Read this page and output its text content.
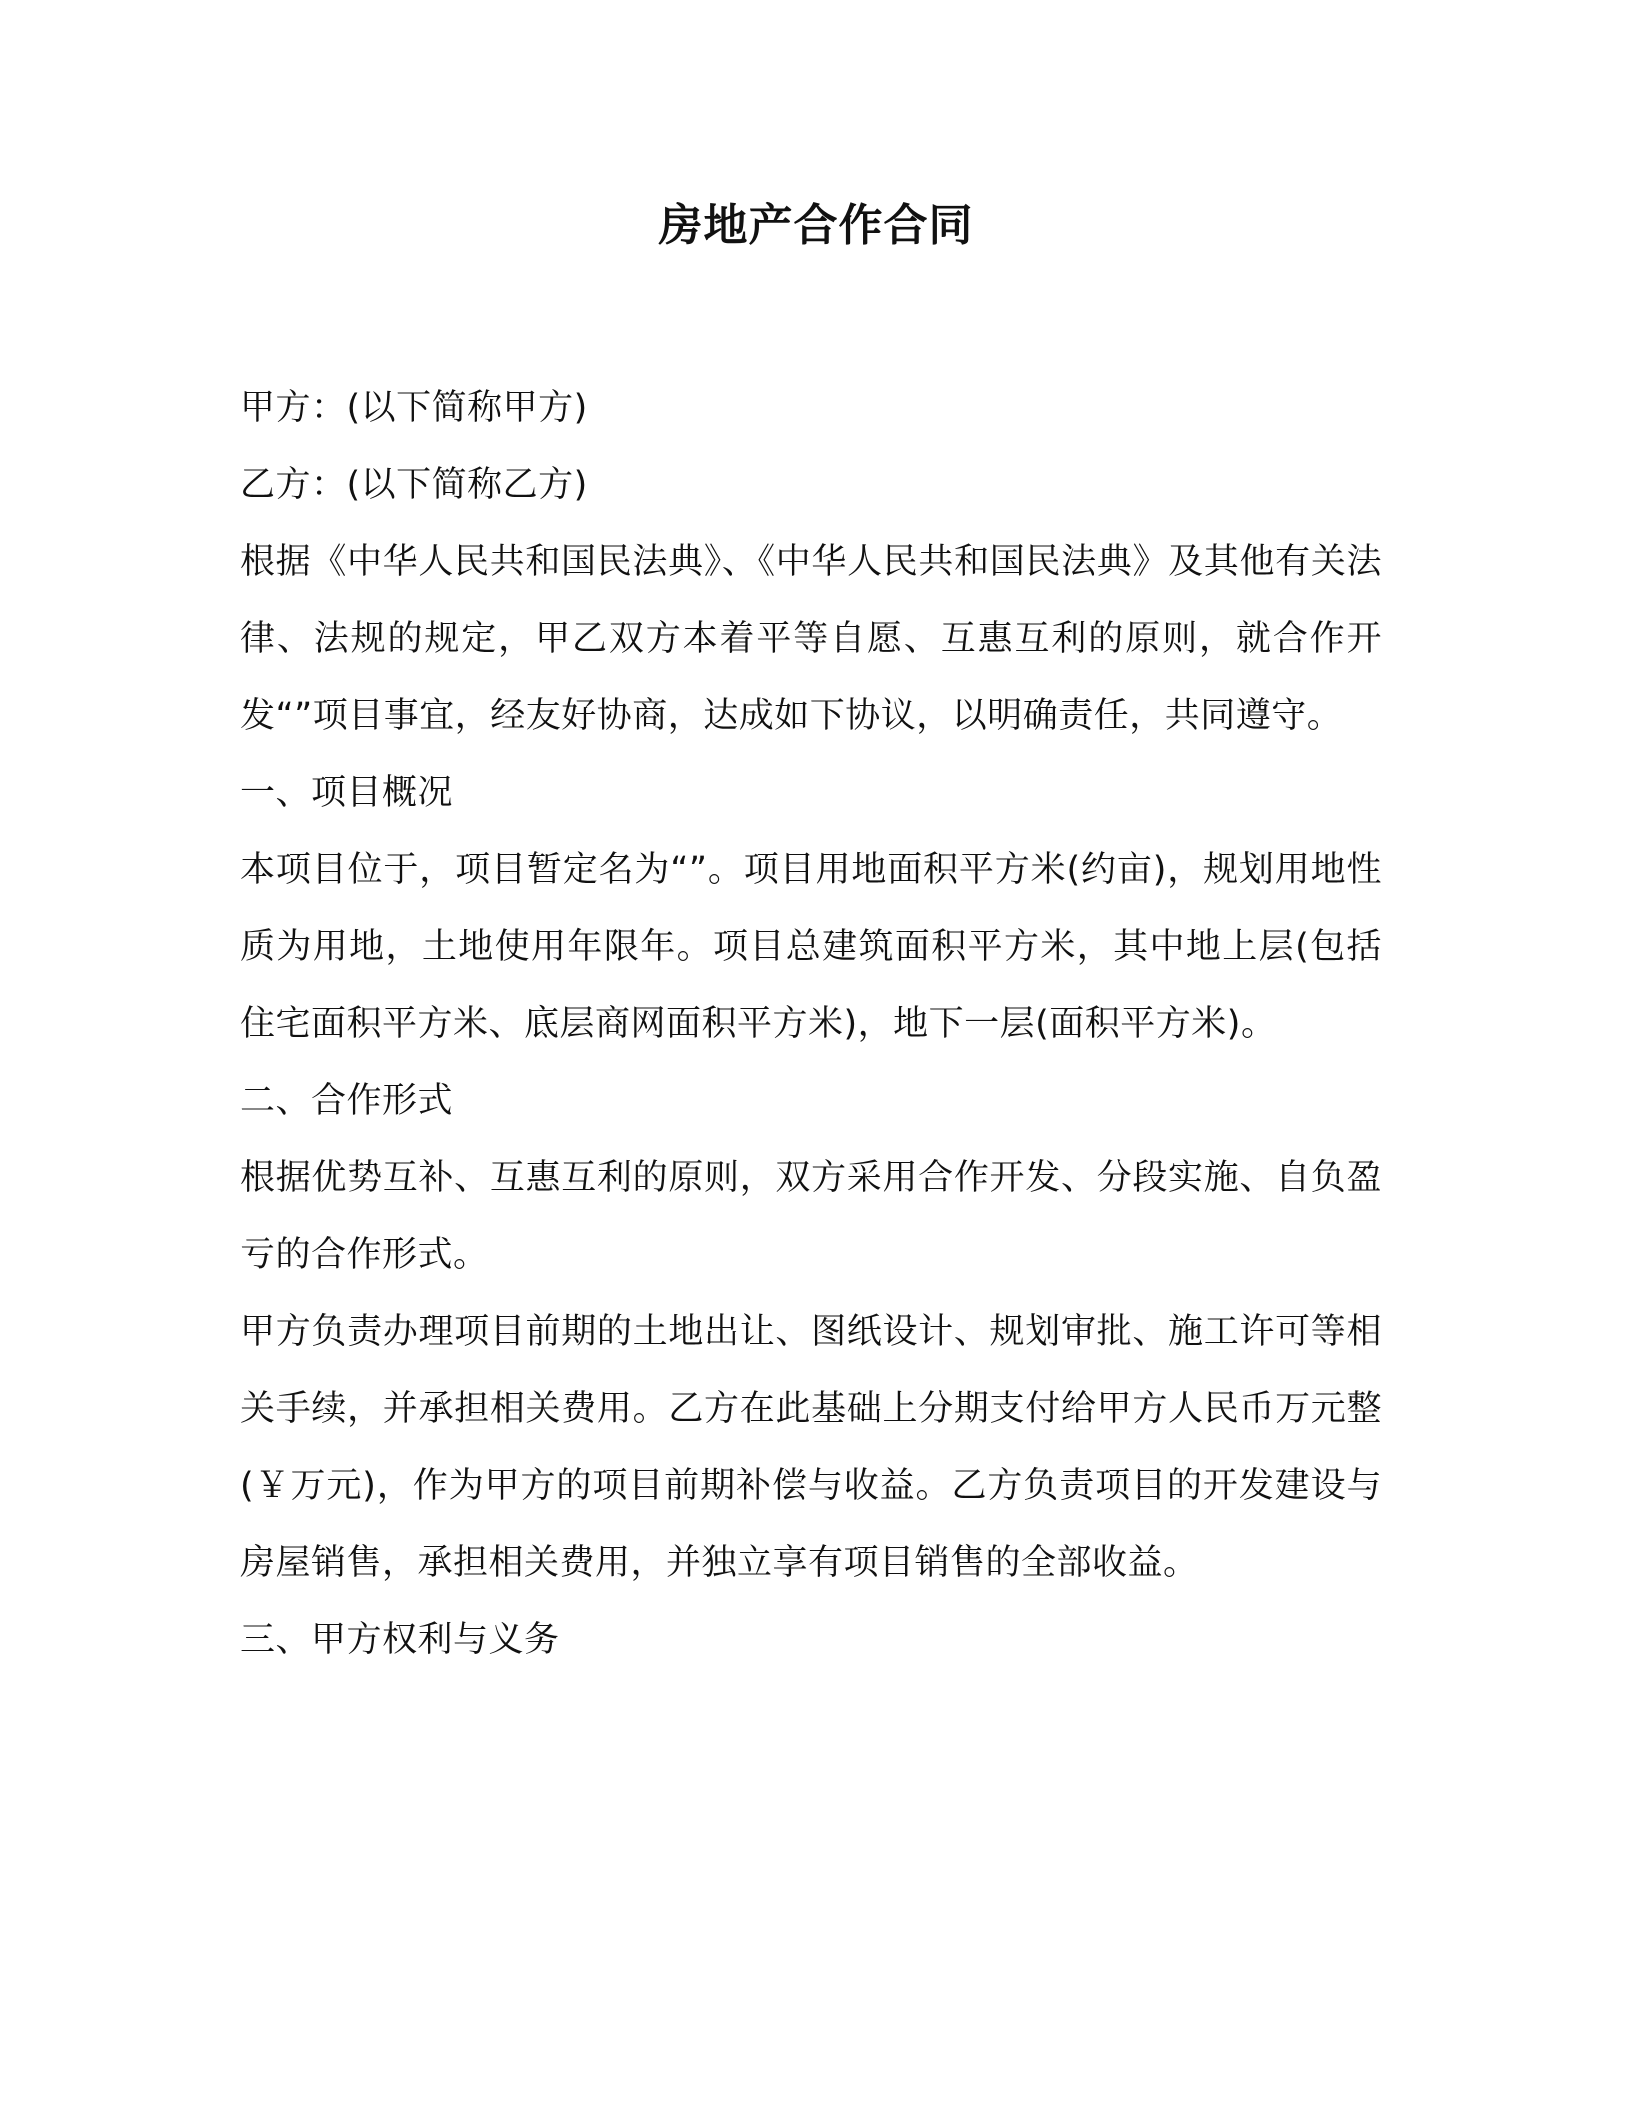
房地产合作合同

甲方：(以下简称甲方)

乙方：(以下简称乙方)

根据《中华人民共和国民法典》、《中华人民共和国民法典》及其他有关法律、法规的规定，甲乙双方本着平等自愿、互惠互利的原则，就合作开发“”项目事宜，经友好协商，达成如下协议，以明确责任，共同遵守。

一、项目概况

本项目位于，项目暂定名为“”。项目用地面积平方米(约亩)，规划用地性质为用地，土地使用年限年。项目总建筑面积平方米，其中地上层(包括住宅面积平方米、底层商网面积平方米)，地下一层(面积平方米)。

二、合作形式

根据优势互补、互惠互利的原则，双方采用合作开发、分段实施、自负盈亏的合作形式。

甲方负责办理项目前期的土地出让、图纸设计、规划审批、施工许可等相关手续，并承担相关费用。乙方在此基础上分期支付给甲方人民币万元整(￥万元)，作为甲方的项目前期补偿与收益。乙方负责项目的开发建设与房屋销售，承担相关费用，并独立享有项目销售的全部收益。

三、甲方权利与义务
